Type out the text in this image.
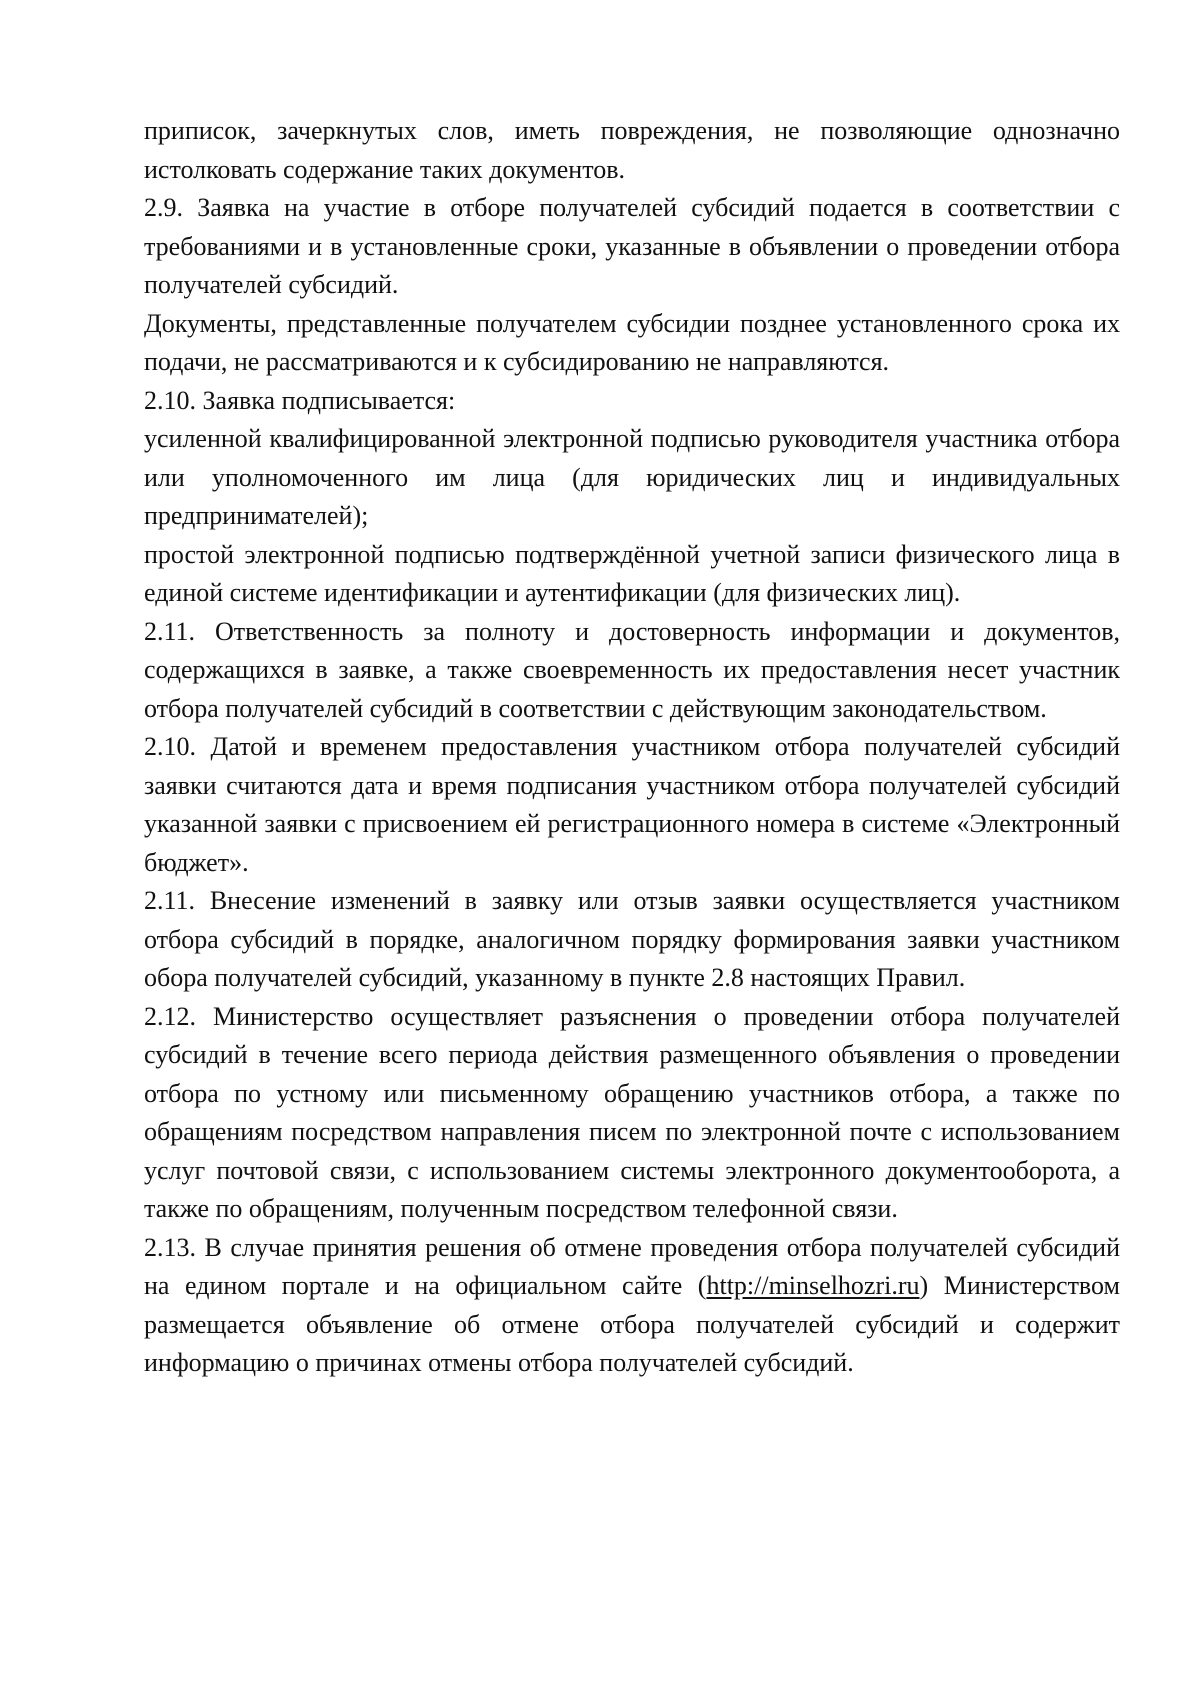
приписок, зачеркнутых слов, иметь повреждения, не позволяющие однозначно истолковать содержание таких документов.

2.9. Заявка на участие в отборе получателей субсидий подается в соответствии с требованиями и в установленные сроки, указанные в объявлении о проведении отбора получателей субсидий.

Документы, представленные получателем субсидии позднее установленного срока их подачи, не рассматриваются и к субсидированию не направляются.

2.10. Заявка подписывается:

усиленной квалифицированной электронной подписью руководителя участника отбора или уполномоченного им лица (для юридических лиц и индивидуальных предпринимателей);

простой электронной подписью подтверждённой учетной записи физического лица в единой системе идентификации и аутентификации (для физических лиц).

2.11. Ответственность за полноту и достоверность информации и документов, содержащихся в заявке, а также своевременность их предоставления несет участник отбора получателей субсидий в соответствии с действующим законодательством.

2.10. Датой и временем предоставления участником отбора получателей субсидий заявки считаются дата и время подписания участником отбора получателей субсидий указанной заявки с присвоением ей регистрационного номера в системе «Электронный бюджет».

2.11. Внесение изменений в заявку или отзыв заявки осуществляется участником отбора субсидий в порядке, аналогичном порядку формирования заявки участником обора получателей субсидий, указанному в пункте 2.8 настоящих Правил.

2.12. Министерство осуществляет разъяснения о проведении отбора получателей субсидий в течение всего периода действия размещенного объявления о проведении отбора по устному или письменному обращению участников отбора, а также по обращениям посредством направления писем по электронной почте с использованием услуг почтовой связи, с использованием системы электронного документооборота, а также по обращениям, полученным посредством телефонной связи.

2.13. В случае принятия решения об отмене проведения отбора получателей субсидий на едином портале и на официальном сайте (http://minselhozri.ru) Министерством размещается объявление об отмене отбора получателей субсидий и содержит информацию о причинах отмены отбора получателей субсидий.
